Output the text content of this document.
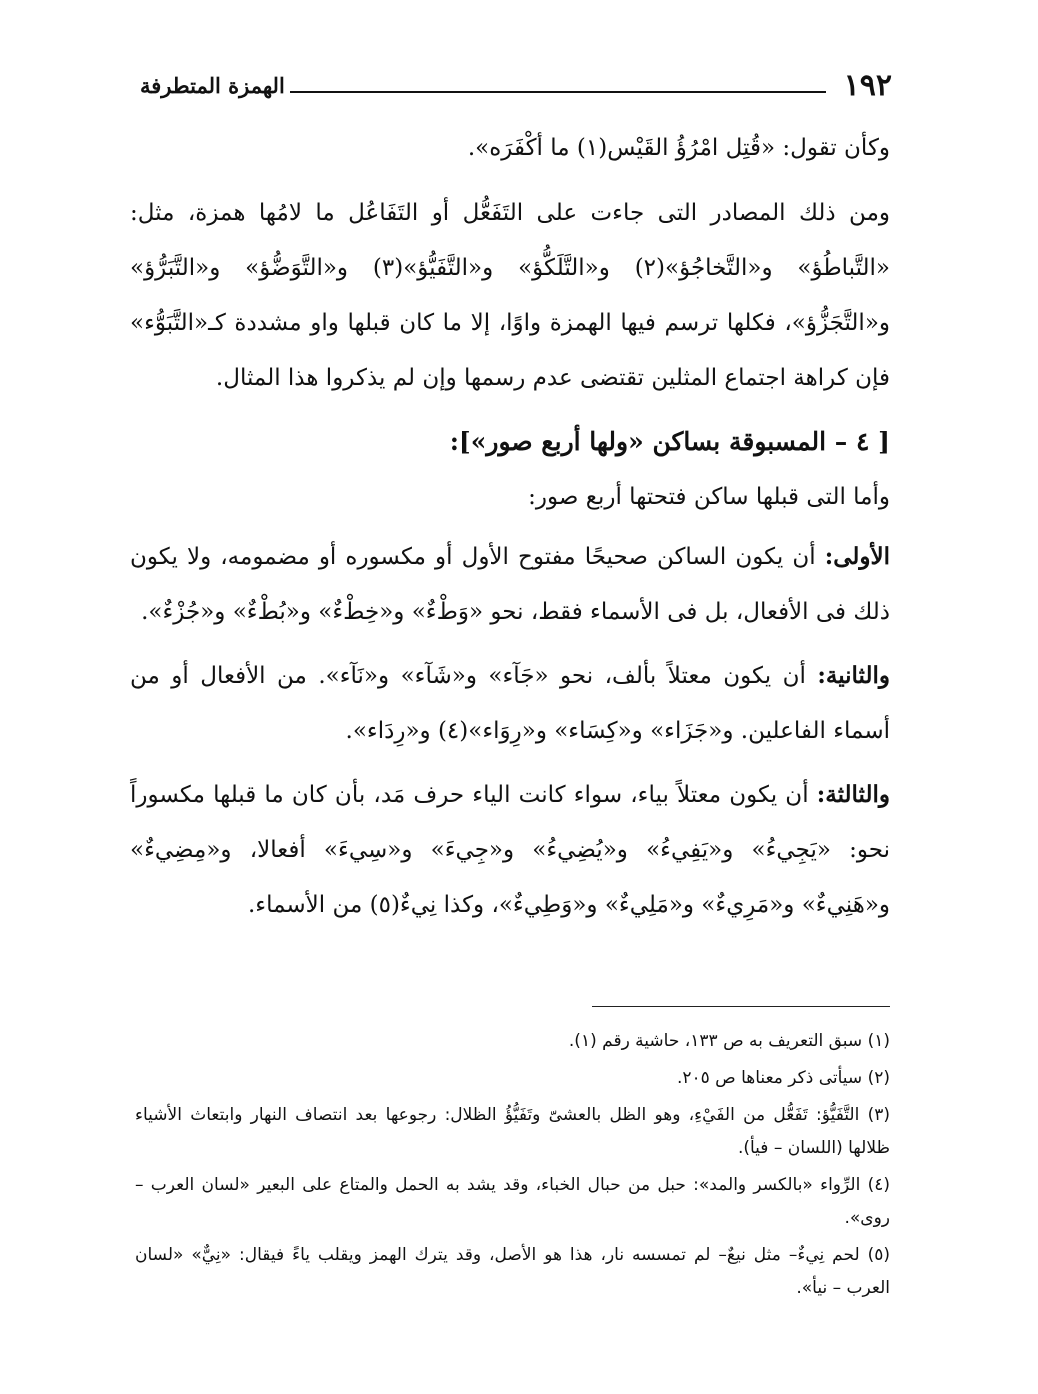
١٩٢
الهمزة المتطرفة

وكأن تقول: «قُتِل امْرُؤُ القَيْس(١) ما أكْفَرَه».

ومن ذلك المصادر التى جاءت على التَفَعُّل أو التَفَاعُل ما لامُها همزة، مثل: «التَّباطُؤ» و«التَّخاجُؤ»(٢) و«التَّلَكُّؤ» و«التَّفَيُّؤ»(٣) و«التَّوَضُّؤ» و«التَّبَرُّؤ» و«التَّجَزُّؤ»، فكلها ترسم فيها الهمزة واوًا، إلا ما كان قبلها واو مشددة كـ«التَّبَوُّء» فإن كراهة اجتماع المثلين تقتضى عدم رسمها وإن لم يذكروا هذا المثال.

[ ٤ – المسبوقة بساكن «ولها أربع صور»]:

وأما التى قبلها ساكن فتحتها أربع صور:

الأولى: أن يكون الساكن صحيحًا مفتوح الأول أو مكسوره أو مضمومه، ولا يكون ذلك فى الأفعال، بل فى الأسماء فقط، نحو «وَطْءٌ» و«خِطْءٌ» و«بُطْءٌ» و«جُزْءٌ».

والثانية: أن يكون معتلاً بألف، نحو «جَآء» و«شَآء» و«نَآء». من الأفعال أو من أسماء الفاعلين. و«جَزَاء» و«كِسَاء» و«رِوَاء»(٤) و«رِدَاء».

والثالثة: أن يكون معتلاً بياء، سواء كانت الياء حرف مَد، بأن كان ما قبلها مكسوراً نحو: «يَجِيءُ» و«يَفِيءُ» و«يُضِيءُ» و«جِيءَ» و«سِيءَ» أفعالا، و«مِضِيءٌ» و«هَنِيءٌ» و«مَرِيءٌ» و«مَلِيءٌ» و«وَطِيءٌ»، وكذا نِيءٌ(٥) من الأسماء.

(١) سبق التعريف به ص ١٣٣، حاشية رقم (١).

(٢) سيأتى ذكر معناها ص ٢٠٥.

(٣) التَّفَيُّؤ: تَفَعُّل من الفَيْءِ، وهو الظل بالعشىّ وتَفَيُّؤُ الظلال: رجوعها بعد انتصاف النهار وابتعاث الأشياء ظلالها (اللسان – فيأ).

(٤) الرِّواء «بالكسر والمد»: حبل من حبال الخباء، وقد يشد به الحمل والمتاع على البعير «لسان العرب – روى».

(٥) لحم نِيءٌ– مثل نيعٌ– لم تمسسه نار، هذا هو الأصل، وقد يترك الهمز ويقلب ياءً فيقال: «نِيٌّ» «لسان العرب – نيأ».
